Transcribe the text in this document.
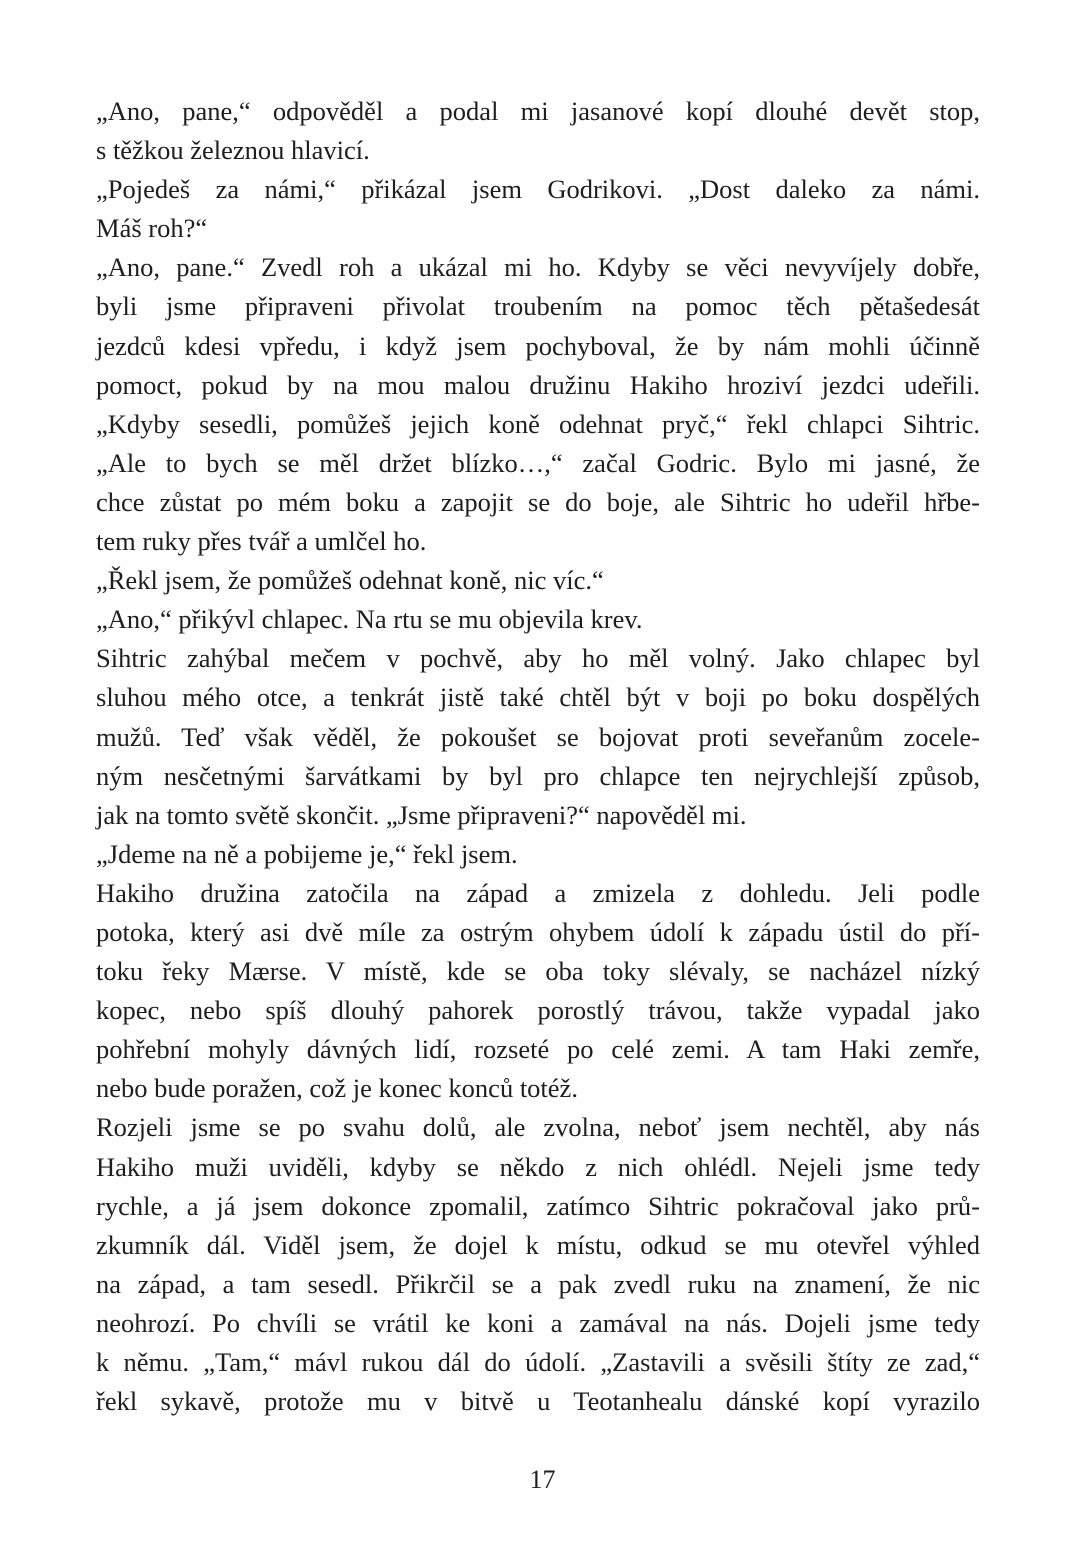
„Ano, pane,“ odpověděl a podal mi jasanové kopí dlouhé devět stop,
s těžkou železnou hlavicí.
„Pojedeš za námi,“ přikázal jsem Godrikovi. „Dost daleko za námi.
Máš roh?“
„Ano, pane.“ Zvedl roh a ukázal mi ho. Kdyby se věci nevyvíjely dobře,
byli jsme připraveni přivolat troubením na pomoc těch pětašedesát
jezdců kdesi vpředu, i když jsem pochyboval, že by nám mohli účinně
pomoct, pokud by na mou malou družinu Hakiho hroziví jezdci udeřili.
„Kdyby sesedli, pomůžeš jejich koně odehnat pryč,“ řekl chlapci Sihtric.
„Ale to bych se měl držet blízko…,“ začal Godric. Bylo mi jasné, že
chce zůstat po mém boku a zapojit se do boje, ale Sihtric ho udeřil hřbe-
tem ruky přes tvář a umlčel ho.
„Řekl jsem, že pomůžeš odehnat koně, nic víc.“
„Ano,“ přikývl chlapec. Na rtu se mu objevila krev.
Sihtric zahýbal mečem v pochvě, aby ho měl volný. Jako chlapec byl
sluhou mého otce, a tenkrát jistě také chtěl být v boji po boku dospělých
mužů. Teď však věděl, že pokoušet se bojovat proti seveřanům zocele-
ným nesčetnými šarvátkami by byl pro chlapce ten nejrychlejší způsob,
jak na tomto světě skončit. „Jsme připraveni?“ napověděl mi.
„Jdeme na ně a pobijeme je,“ řekl jsem.
Hakiho družina zatočila na západ a zmizela z dohledu. Jeli podle
potoka, který asi dvě míle za ostrým ohybem údolí k západu ústil do pří-
toku řeky Mærse. V místě, kde se oba toky slévaly, se nacházel nízký
kopec, nebo spíš dlouhý pahorek porostlý trávou, takže vypadal jako
pohřební mohyly dávných lidí, rozseté po celé zemi. A tam Haki zemře,
nebo bude poražen, což je konec konců totéž.
Rozjeli jsme se po svahu dolů, ale zvolna, neboť jsem nechtěl, aby nás
Hakiho muži uviděli, kdyby se někdo z nich ohlédl. Nejeli jsme tedy
rychle, a já jsem dokonce zpomalil, zatímco Sihtric pokračoval jako prů-
zkumník dál. Viděl jsem, že dojel k místu, odkud se mu otevřel výhled
na západ, a tam sesedl. Přikrčil se a pak zvedl ruku na znamení, že nic
neohrozí. Po chvíli se vrátil ke koni a zamával na nás. Dojeli jsme tedy
k němu. „Tam,“ mávl rukou dál do údolí. „Zastavili a svěsili štíty ze zad,“
řekl sykavě, protože mu v bitvě u Teotanhealu dánské kopí vyrazilo
17
